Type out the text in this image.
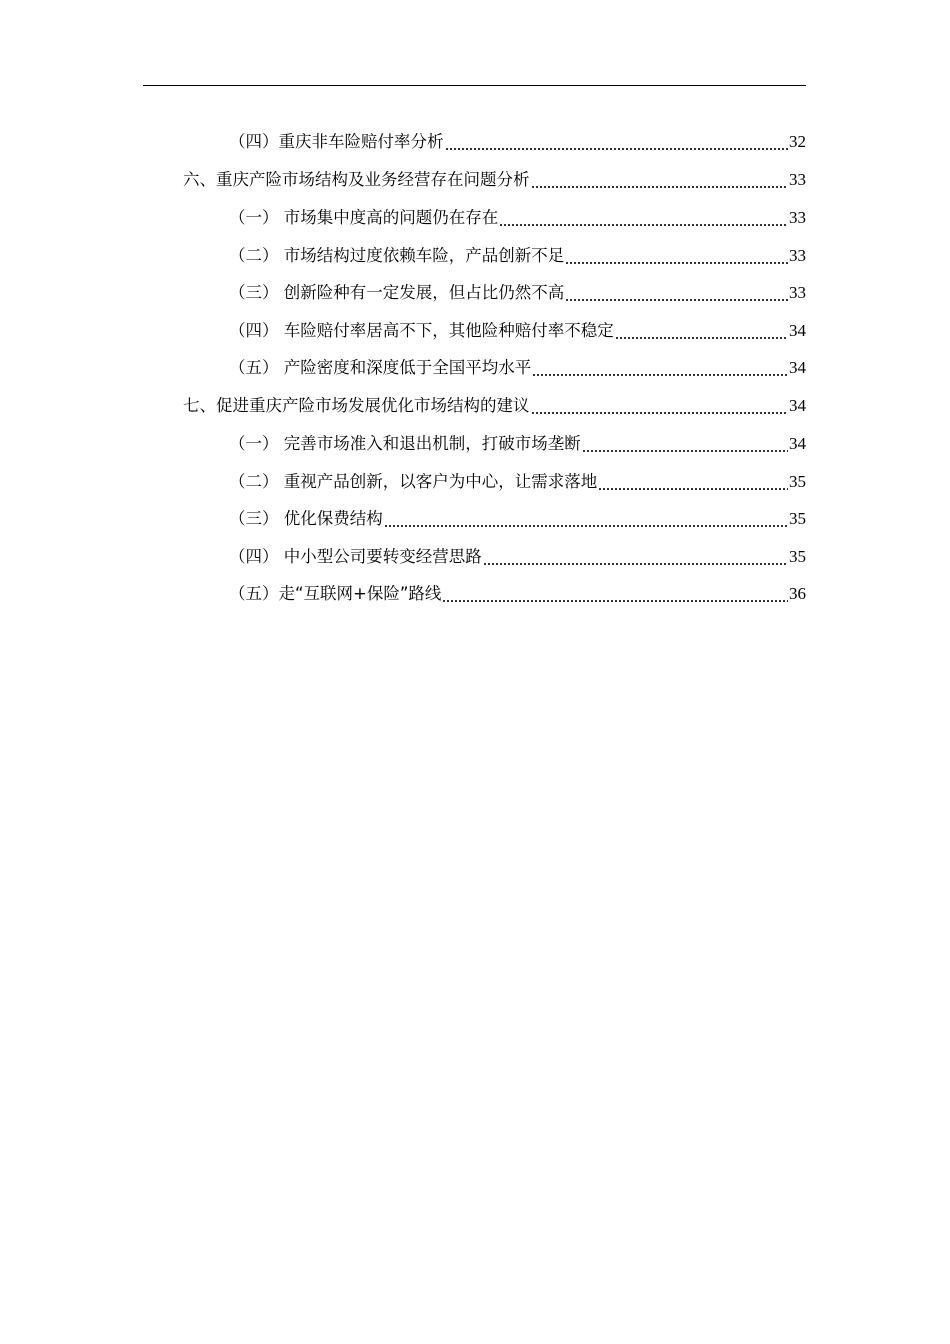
（四）重庆非车险赔付率分析	32
六、重庆产险市场结构及业务经营存在问题分析	33
（一） 市场集中度高的问题仍在存在	33
（二） 市场结构过度依赖车险，产品创新不足	33
（三） 创新险种有一定发展，但占比仍然不高	33
（四） 车险赔付率居高不下，其他险种赔付率不稳定	34
（五） 产险密度和深度低于全国平均水平	34
七、促进重庆产险市场发展优化市场结构的建议	34
（一） 完善市场准入和退出机制，打破市场垄断	34
（二） 重视产品创新，以客户为中心，让需求落地	35
（三） 优化保费结构	35
（四） 中小型公司要转变经营思路	35
（五）走“互联网+保险”路线	36
